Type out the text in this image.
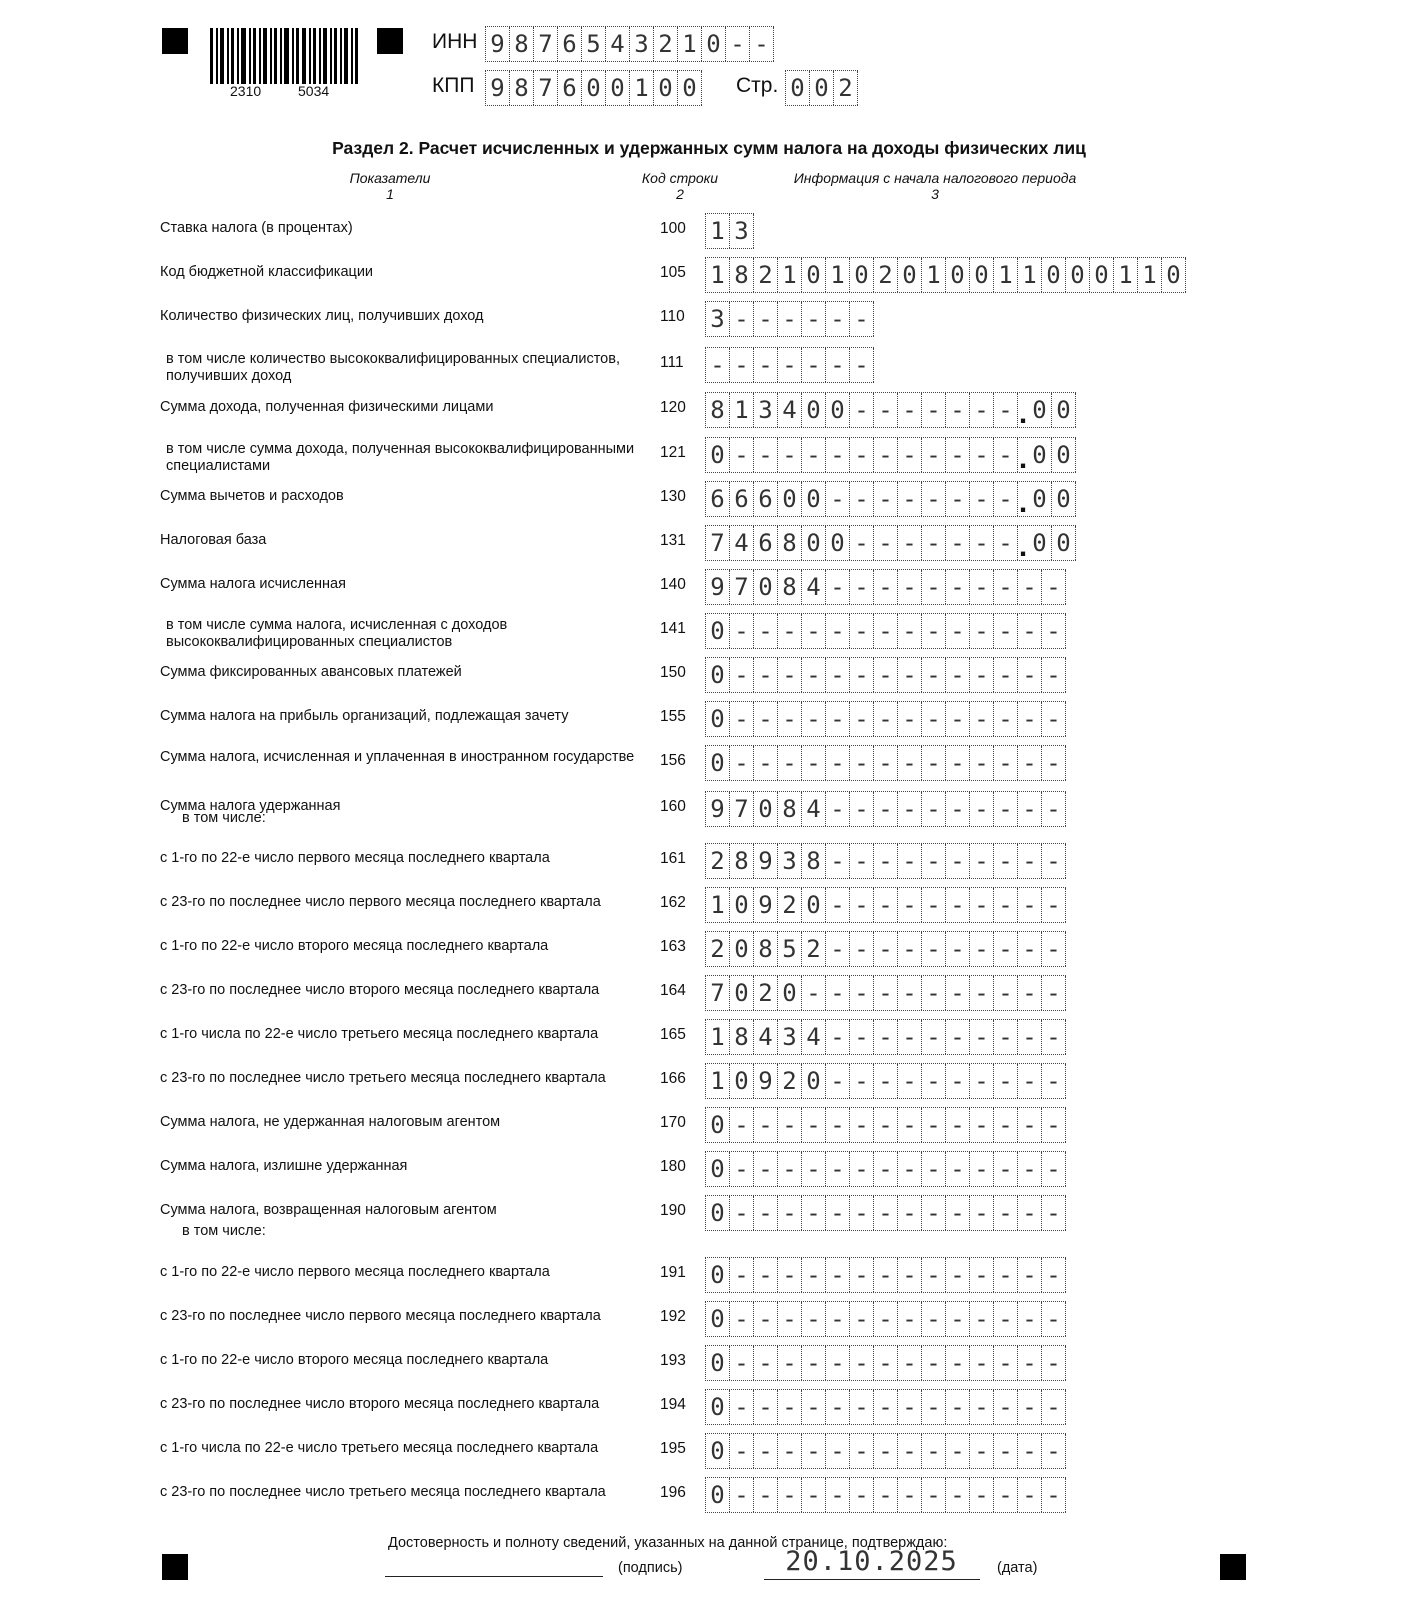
2310	5034
ИНН 9 8 7 6 5 4 3 2 1 0 - -
КПП 9 8 7 6 0 0 1 0 0 Стр. 0 0 2
Раздел 2. Расчет исчисленных и удержанных сумм налога на доходы физических лиц
Показатели
1
Код строки
2
Информация с начала налогового периода
3
Ставка налога (в процентах)	100 1 3
Код бюджетной классификации	105 1 8 2 1 0 1 0 2 0 1 0 0 1 1 0 0 0 1 1 0
Количество физических лиц, получивших доход	110 3 - - - - - -
в том числе количество высококвалифицированных специалистов, получивших доход
111 - - - - - - -
Сумма дохода, полученная физическими лицами	120 8 1 3 4 0 0 - - - - - - - . 0 0
в том числе сумма дохода, полученная высококвалифицированными специалистами
121 0 - - - - - - - - - - - - . 0 0
Сумма вычетов и расходов	130 6 6 6 0 0 - - - - - - - - . 0 0
Налоговая база	131 7 4 6 8 0 0 - - - - - - - . 0 0
Сумма налога исчисленная	140 9 7 0 8 4 - - - - - - - - - -
в том числе сумма налога, исчисленная с доходов высококвалифицированных специалистов
141 0 - - - - - - - - - - - - - -
Сумма фиксированных авансовых платежей	150 0 - - - - - - - - - - - - - -
Сумма налога на прибыль организаций, подлежащая зачету	155 0 - - - - - - - - - - - - - -
Сумма налога, исчисленная и уплаченная в иностранном государстве 156 0 - - - - - - - - - - - - - -
Сумма налога удержанная	160 9 7 0 8 4 - - - - - - - - - -
с 1-го по 22-е число первого месяца последнего квартала	161 2 8 9 3 8 - - - - - - - - - -
с 23-го по последнее число первого месяца последнего квартала	162 1 0 9 2 0 - - - - - - - - - -
с 1-го по 22-е число второго месяца последнего квартала	163 2 0 8 5 2 - - - - - - - - - -
с 23-го по последнее число второго месяца последнего квартала	164 7 0 2 0 - - - - - - - - - - -
с 1-го числа по 22-е число третьего месяца последнего квартала	165 1 8 4 3 4 - - - - - - - - - -
с 23-го по последнее число третьего месяца последнего квартала	166 1 0 9 2 0 - - - - - - - - - -
Сумма налога, не удержанная налоговым агентом	170 0 - - - - - - - - - - - - - -
Сумма налога, излишне удержанная	180 0 - - - - - - - - - - - - - -
Сумма налога, возвращенная налоговым агентом	190 0 - - - - - - - - - - - - - -
с 1-го по 22-е число первого месяца последнего квартала	191 0 - - - - - - - - - - - - - -
с 23-го по последнее число первого месяца последнего квартала	192 0 - - - - - - - - - - - - - -
с 1-го по 22-е число второго месяца последнего квартала	193 0 - - - - - - - - - - - - - -
с 23-го по последнее число второго месяца последнего квартала	194 0 - - - - - - - - - - - - - -
с 1-го числа по 22-е число третьего месяца последнего квартала	195 0 - - - - - - - - - - - - - -
с 23-го по последнее число третьего месяца последнего квартала	196 0 - - - - - - - - - - - - - -
в том числе:
в том числе:
Достоверность и полноту сведений, указанных на данной странице, подтверждаю:
(подпись)	20.10.2025	(дата)
